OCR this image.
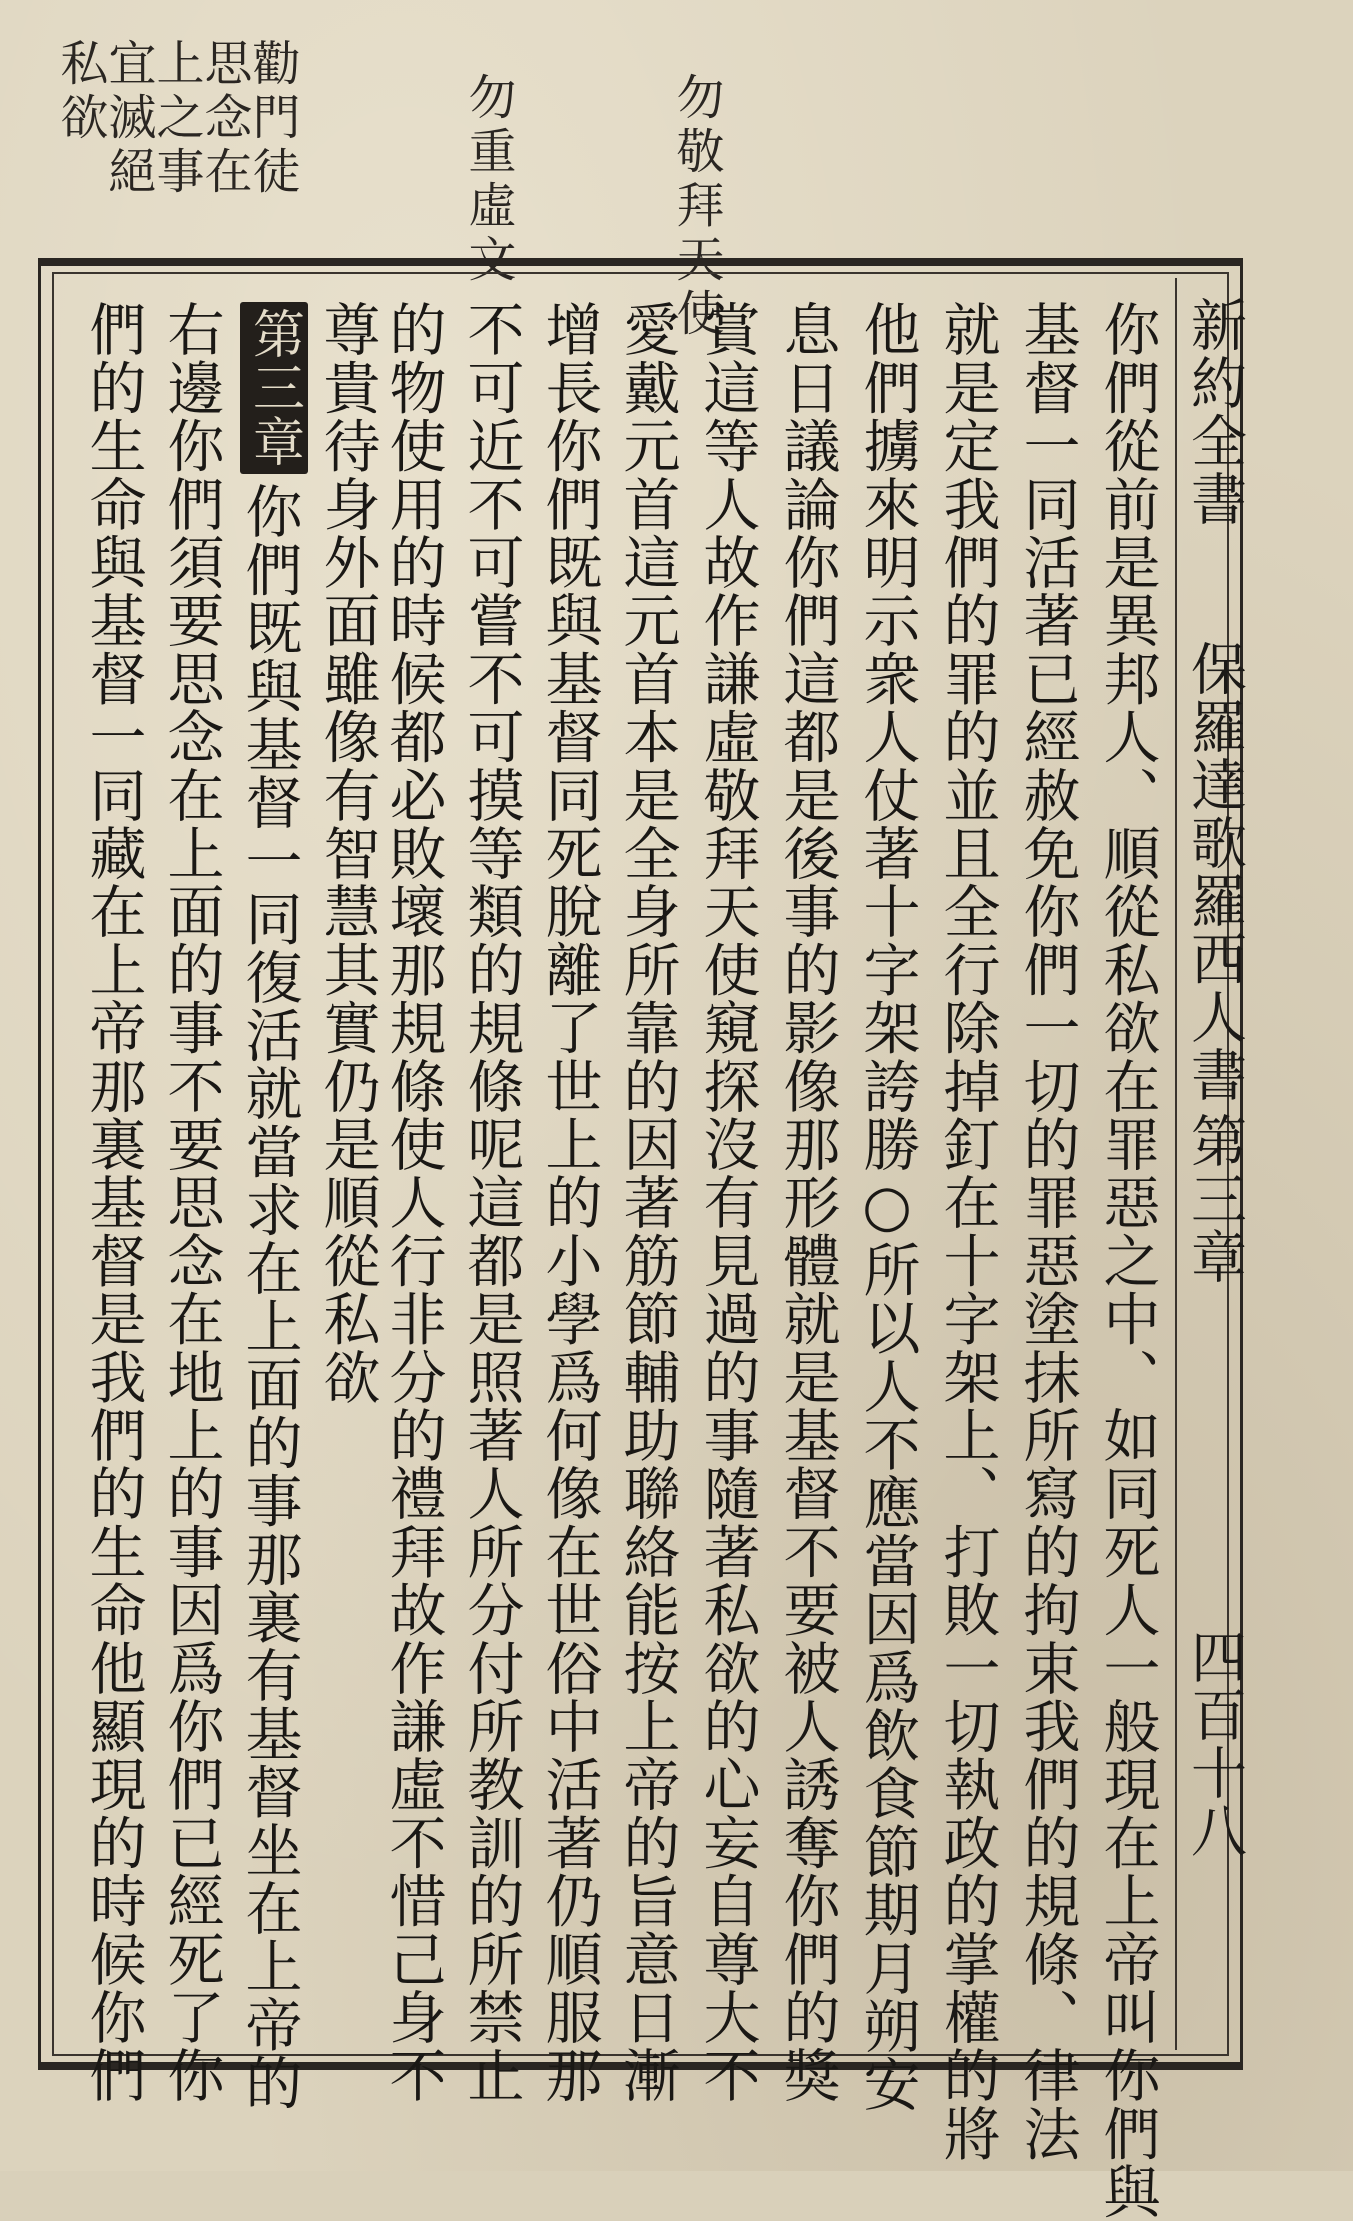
勿敬拜天使
勿重虛文
勸門徒思念在上之事
宜滅絕私欲
新約全書
保羅達歌羅西人書
第三章
四百十八
你們從前是異邦人、順從私欲在罪惡之中、如同死人一般現在上帝叫你們與
基督一同活著已經赦免你們一切的罪惡塗抹所寫的拘束我們的規條、律法
就是定我們的罪的並且全行除掉釘在十字架上、打敗一切執政的掌權的將
他們擄來明示衆人仗著十字架誇勝○所以人不應當因爲飲食節期月朔安
息日議論你們這都是後事的影像那形體就是基督不要被人誘奪你們的獎
賞這等人故作謙虛敬拜天使窺探沒有見過的事隨著私欲的心妄自尊大不
愛戴元首這元首本是全身所靠的因著筋節輔助聯絡能按上帝的旨意日漸
增長你們既與基督同死脫離了世上的小學爲何像在世俗中活著仍順服那
不可近不可嘗不可摸等類的規條呢這都是照著人所分付所教訓的所禁止
的物使用的時候都必敗壞那規條使人行非分的禮拜故作謙虛不惜己身不
尊貴待身外面雖像有智慧其實仍是順從私欲
第三章
你們既與基督一同復活就當求在上面的事那裏有基督坐在上帝的
右邊你們須要思念在上面的事不要思念在地上的事因爲你們已經死了你
們的生命與基督一同藏在上帝那裏基督是我們的生命他顯現的時候你們
